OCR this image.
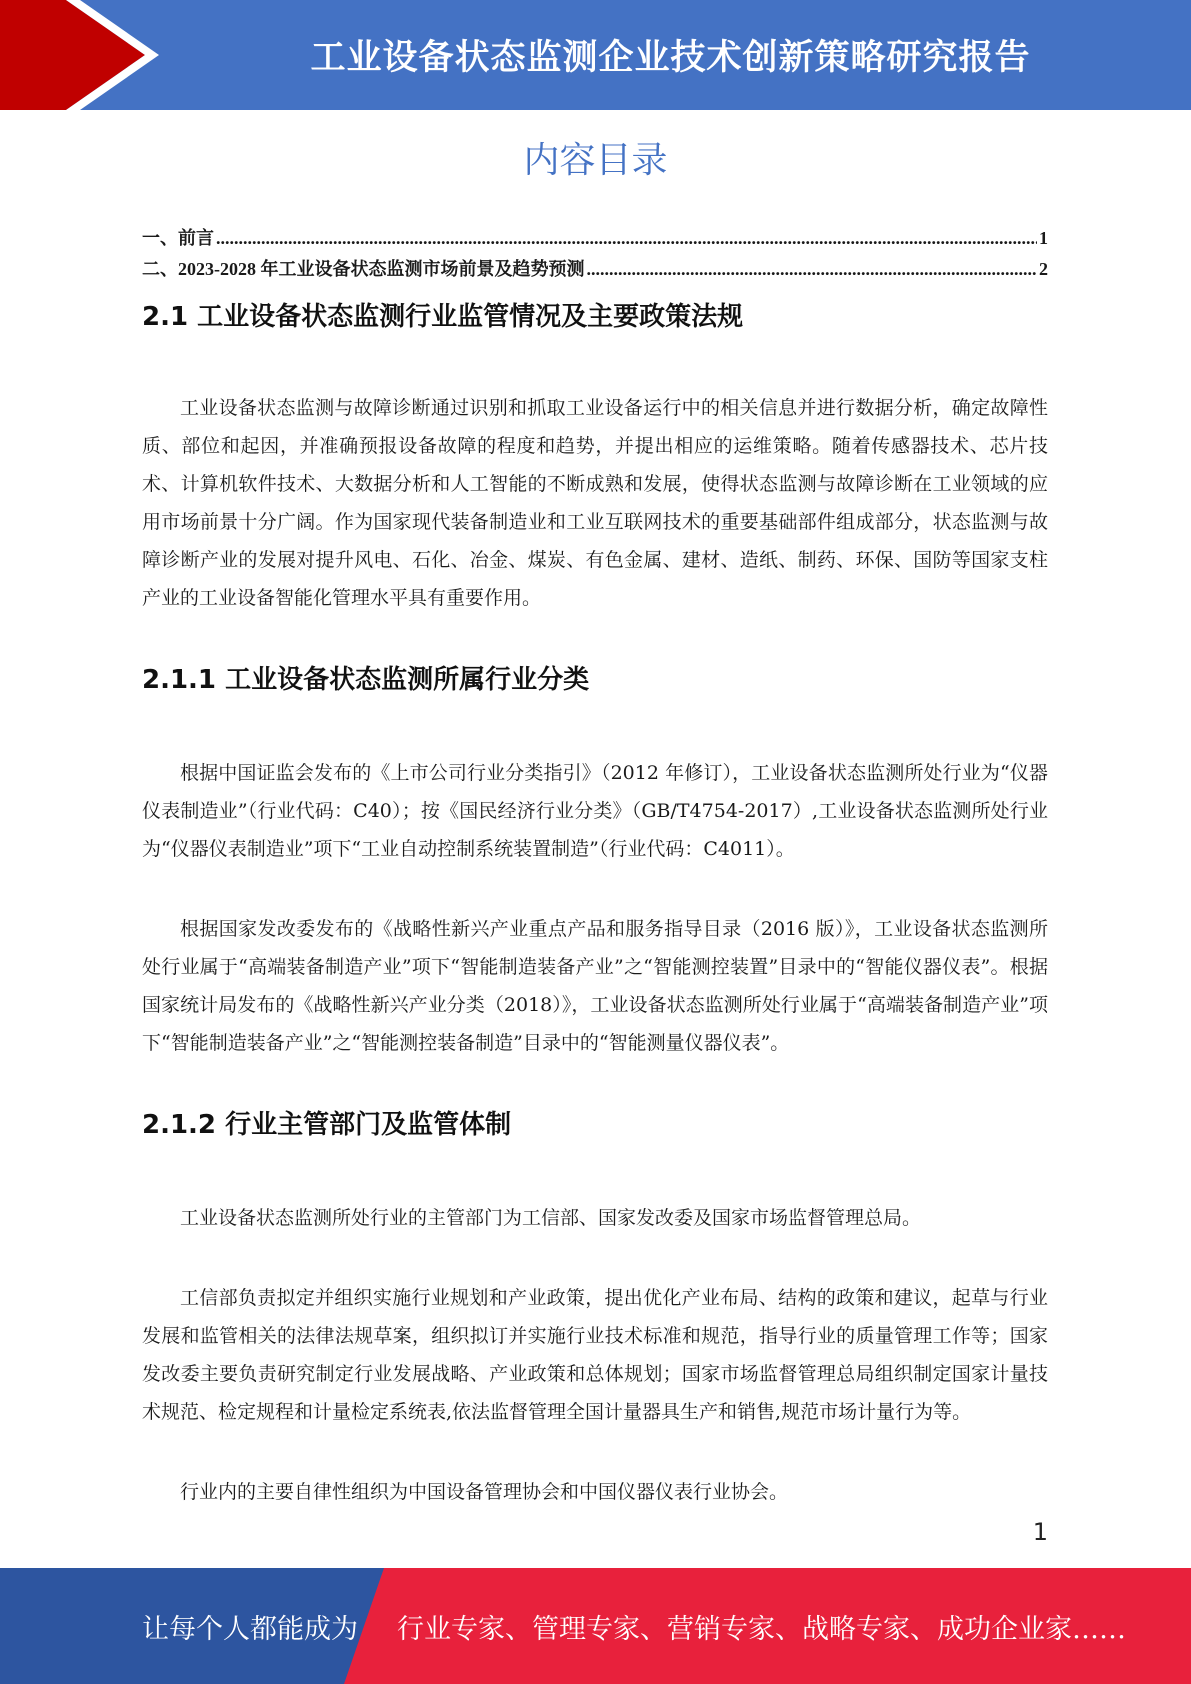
工业设备状态监测企业技术创新策略研究报告
内容目录
一、前言 .....	1
二、2023-2028 年工业设备状态监测市场前景及趋势预测 .....	2
2.1 工业设备状态监测行业监管情况及主要政策法规

工业设备状态监测与故障诊断通过识别和抓取工业设备运行中的相关信息并进行数据分析，确定故障性质、部位和起因，并准确预报设备故障的程度和趋势，并提出相应的运维策略。随着传感器技术、芯片技术、计算机软件技术、大数据分析和人工智能的不断成熟和发展，使得状态监测与故障诊断在工业领域的应用市场前景十分广阔。作为国家现代装备制造业和工业互联网技术的重要基础部件组成部分，状态监测与故障诊断产业的发展对提升风电、石化、冶金、煤炭、有色金属、建材、造纸、制药、环保、国防等国家支柱产业的工业设备智能化管理水平具有重要作用。

2.1.1 工业设备状态监测所属行业分类

根据中国证监会发布的《上市公司行业分类指引》（2012 年修订），工业设备状态监测所处行业为“仪器仪表制造业”（行业代码：C40）；按《国民经济行业分类》（GB/T4754-2017）,工业设备状态监测所处行业为“仪器仪表制造业”项下“工业自动控制系统装置制造”（行业代码：C4011）。

根据国家发改委发布的《战略性新兴产业重点产品和服务指导目录（2016 版）》，工业设备状态监测所处行业属于“高端装备制造产业”项下“智能制造装备产业”之“智能测控装置”目录中的“智能仪器仪表”。根据国家统计局发布的《战略性新兴产业分类（2018）》，工业设备状态监测所处行业属于“高端装备制造产业”项下“智能制造装备产业”之“智能测控装备制造”目录中的“智能测量仪器仪表”。

2.1.2 行业主管部门及监管体制

工业设备状态监测所处行业的主管部门为工信部、国家发改委及国家市场监督管理总局。

工信部负责拟定并组织实施行业规划和产业政策，提出优化产业布局、结构的政策和建议，起草与行业发展和监管相关的法律法规草案，组织拟订并实施行业技术标准和规范，指导行业的质量管理工作等；国家发改委主要负责研究制定行业发展战略、产业政策和总体规划；国家市场监督管理总局组织制定国家计量技术规范、检定规程和计量检定系统表,依法监督管理全国计量器具生产和销售,规范市场计量行为等。

行业内的主要自律性组织为中国设备管理协会和中国仪器仪表行业协会。

1
让每个人都能成为 行业专家、管理专家、营销专家、战略专家、成功企业家……
